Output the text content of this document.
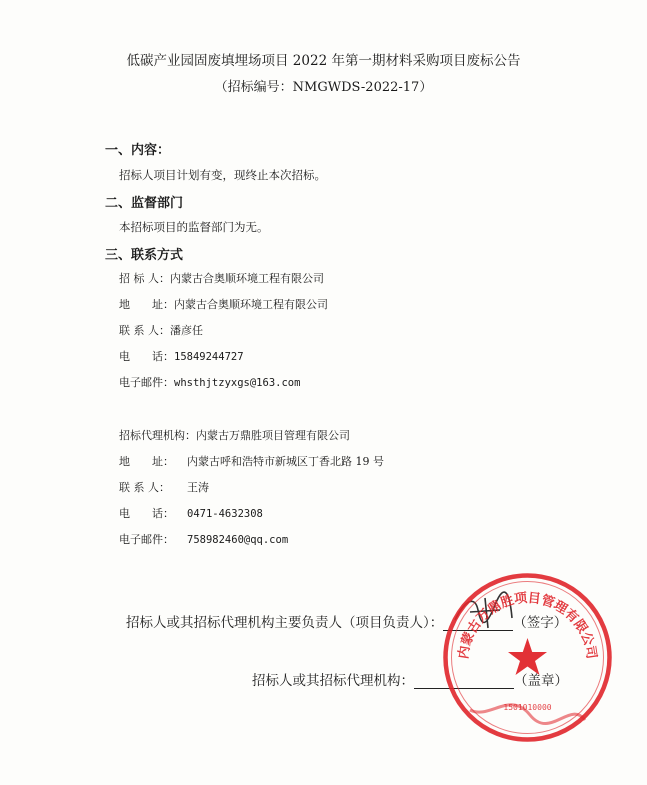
低碳产业园固废填埋场项目 2022 年第一期材料采购项目废标公告
（招标编号：NMGWDS-2022-17）
一、内容：
招标人项目计划有变，现终止本次招标。
二、监督部门
本招标项目的监督部门为无。
三、联系方式
招 标 人：内蒙古合奥顺环境工程有限公司
地　　址：内蒙古合奥顺环境工程有限公司
联 系 人：潘彦任
电　　话：15849244727
电子邮件：whsthjtzyxgs@163.com
招标代理机构：内蒙古万鼎胜项目管理有限公司
地　　址： 内蒙古呼和浩特市新城区丁香北路 19 号
联 系 人： 王涛
电　　话： 0471-4632308
电子邮件： 758982460@qq.com
招标人或其招标代理机构主要负责人（项目负责人）：	（签字）
招标人或其招标代理机构：	（盖章）
内蒙古万鼎胜项目管理有限公司
1501010000
